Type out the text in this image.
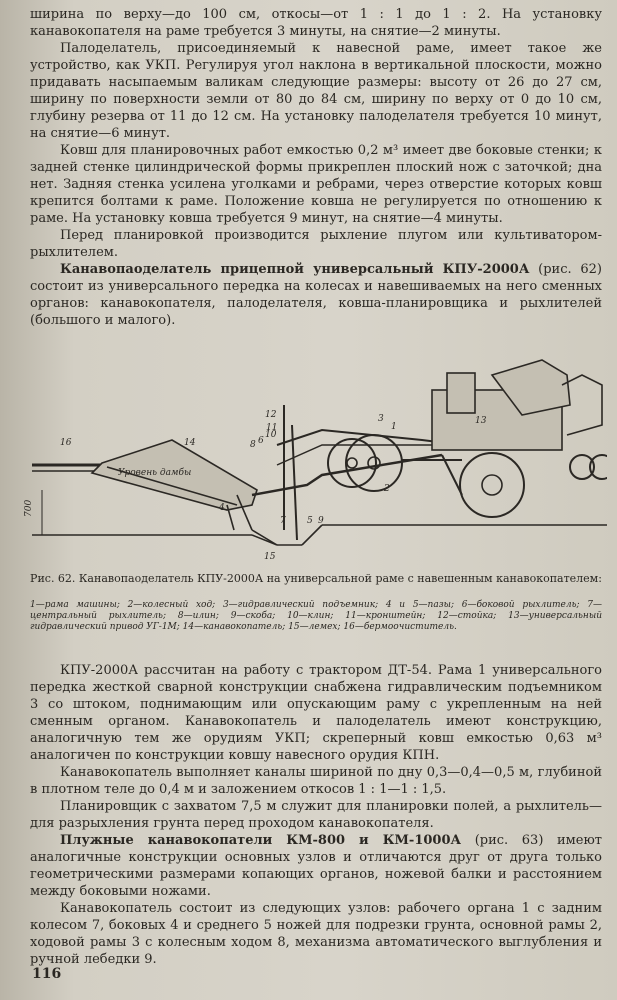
ширина по верху—до 100 см, откосы—от 1 : 1 до 1 : 2. На установку канавокопателя на раме требуется 3 минуты, на снятие—2 минуты.

Палоделатель, присоединяемый к навесной раме, имеет такое же устройство, как УКП. Регулируя угол наклона в вертикальной плоскости, можно придавать насыпаемым валикам следующие размеры: высоту от 26 до 27 см, ширину по поверхности земли от 80 до 84 см, ширину по верху от 0 до 10 см, глубину резерва от 11 до 12 см. На установку палоделателя требуется 10 минут, на снятие—6 минут.

Ковш для планировочных работ емкостью 0,2 м³ имеет две боковые стенки; к задней стенке цилиндрической формы прикреплен плоский нож с заточкой; дна нет. Задняя стенка усилена уголками и ребрами, через отверстие которых ковш крепится болтами к раме. Положение ковша не регулируется по отношению к раме. На установку ковша требуется 9 минут, на снятие—4 минуты.

Перед планировкой производится рыхление плугом или культиватором-рыхлителем.

Канавопаоделатель прицепной универсальный КПУ-2000А (рис. 62) состоит из универсального передка на колесах и навешиваемых на него сменных органов: канавокопателя, палоделателя, ковша-планировщика и рыхлителей (большого и малого).

16	14
Уровень дамбы
700	4
8 6
10
12
11
7 5 9
15
3
1
2
13
Рис. 62. Канавопаоделатель КПУ-2000А на универсальной раме с навешенным канавокопателем:
1—рама машины; 2—колесный ход; 3—гидравлический подъемник; 4 и 5—пазы; 6—боковой рыхлитель; 7—центральный рыхлитель; 8—илин; 9—скоба; 10—клин; 11—кронштейн; 12—стойка; 13—универсальный гидравлический привод УГ-1М; 14—канавокопатель; 15—лемех; 16—бермоочиститель.

КПУ-2000А рассчитан на работу с трактором ДТ-54. Рама 1 универсального передка жесткой сварной конструкции снабжена гидравлическим подъемником 3 со штоком, поднимающим или опускающим раму с укрепленным на ней сменным органом. Канавокопатель и палоделатель имеют конструкцию, аналогичную тем же орудиям УКП; скреперный ковш емкостью 0,63 м³ аналогичен по конструкции ковшу навесного орудия КПН.

Канавокопатель выполняет каналы шириной по дну 0,3—0,4—0,5 м, глубиной в плотном теле до 0,4 м и заложением откосов 1 : 1—1 : 1,5.

Планировщик с захватом 7,5 м служит для планировки полей, а рыхлитель—для разрыхления грунта перед проходом канавокопателя.

Плужные канавокопатели КМ-800 и КМ-1000А (рис. 63) имеют аналогичные конструкции основных узлов и отличаются друг от друга только геометрическими размерами копающих органов, ножевой балки и расстоянием между боковыми ножами.

Канавокопатель состоит из следующих узлов: рабочего органа 1 с задним колесом 7, боковых 4 и среднего 5 ножей для подрезки грунта, основной рамы 2, ходовой рамы 3 с колесным ходом 8, механизма автоматического выглубления и ручной лебедки 9.

116
